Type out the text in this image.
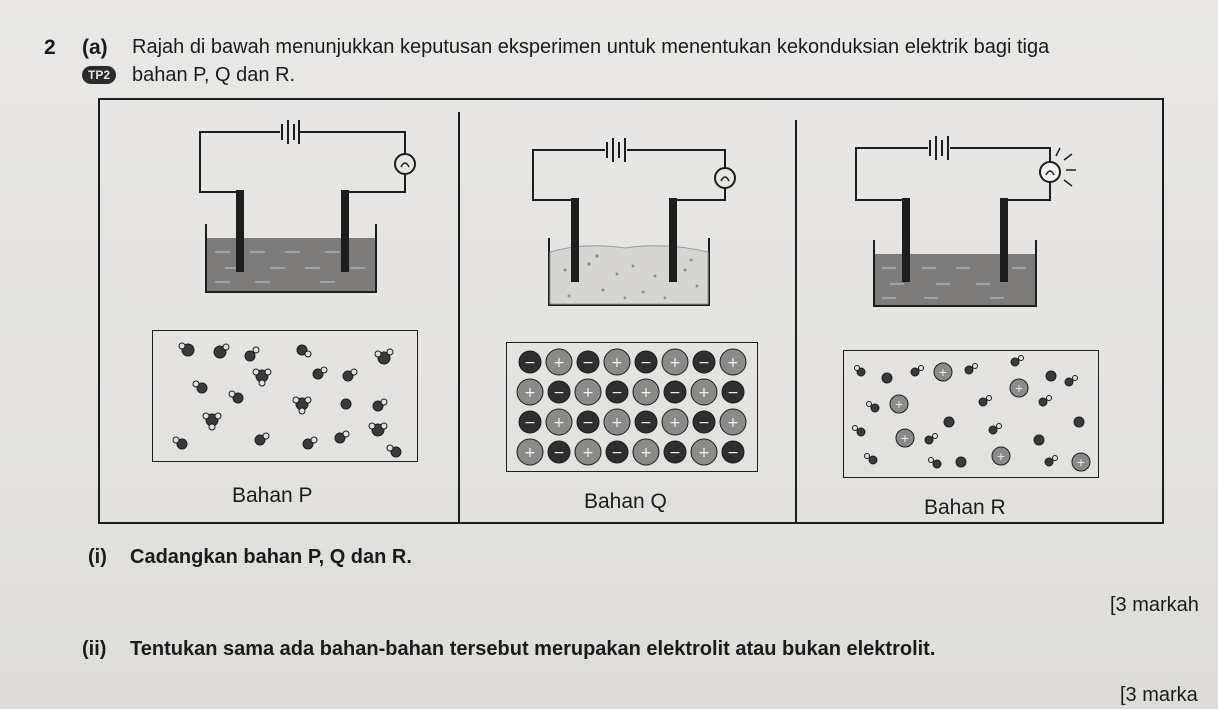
2 (a) Rajah di bawah menunjukkan keputusan eksperimen untuk menentukan kekonduksian elektrik bagi tiga
TP2	bahan P, Q dan R.
Bahan P
− + − + − + − +
+ − + − + − + −
− + − + − + − +
+ − + − + − + −
Bahan Q
+
+
+
+
+	+
Bahan R
(i) Cadangkan bahan P, Q dan R.
[3 markah
(ii) Tentukan sama ada bahan-bahan tersebut merupakan elektrolit atau bukan elektrolit.
[3 marka
